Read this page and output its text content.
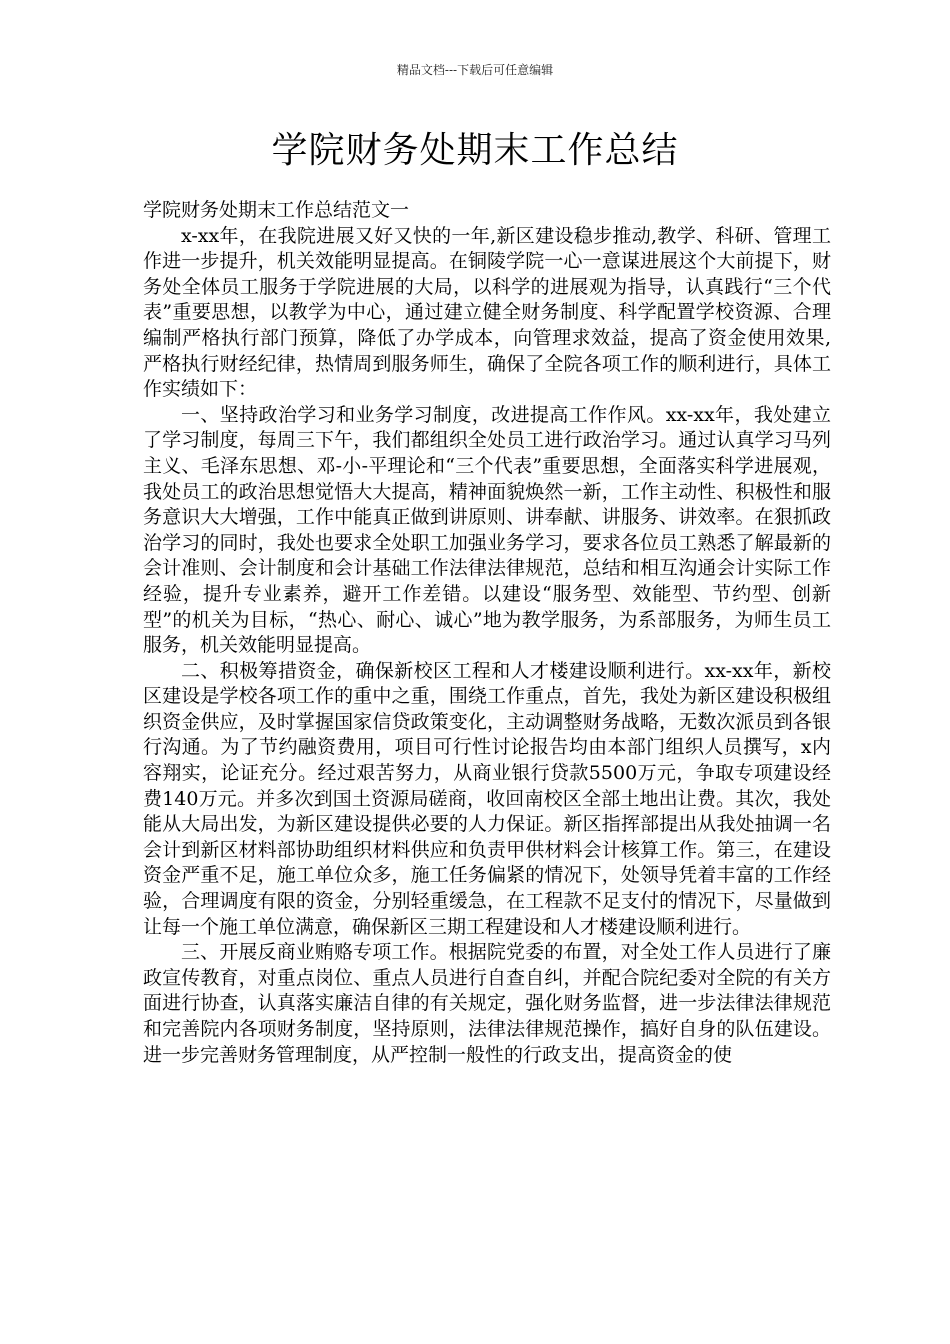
精品文档---下载后可任意编辑
学院财务处期末工作总结

学院财务处期末工作总结范文一

x-xx年，在我院进展又好又快的一年,新区建设稳步推动,教学、科研、管理工作进一步提升，机关效能明显提高。在铜陵学院一心一意谋进展这个大前提下，财务处全体员工服务于学院进展的大局，以科学的进展观为指导，认真践行“三个代表”重要思想，以教学为中心，通过建立健全财务制度、科学配置学校资源、合理编制严格执行部门预算，降低了办学成本，向管理求效益，提高了资金使用效果,严格执行财经纪律，热情周到服务师生，确保了全院各项工作的顺利进行，具体工作实绩如下：

一、坚持政治学习和业务学习制度，改进提高工作作风。xx-xx年，我处建立了学习制度，每周三下午，我们都组织全处员工进行政治学习。通过认真学习马列主义、毛泽东思想、邓-小-平理论和“三个代表”重要思想，全面落实科学进展观，我处员工的政治思想觉悟大大提高，精神面貌焕然一新，工作主动性、积极性和服务意识大大增强，工作中能真正做到讲原则、讲奉献、讲服务、讲效率。在狠抓政治学习的同时，我处也要求全处职工加强业务学习，要求各位员工熟悉了解最新的会计准则、会计制度和会计基础工作法律法律规范，总结和相互沟通会计实际工作经验，提升专业素养，避开工作差错。以建设“服务型、效能型、节约型、创新型”的机关为目标，“热心、耐心、诚心”地为教学服务，为系部服务，为师生员工服务，机关效能明显提高。

二、积极筹措资金，确保新校区工程和人才楼建设顺利进行。xx-xx年，新校区建设是学校各项工作的重中之重，围绕工作重点，首先，我处为新区建设积极组织资金供应，及时掌握国家信贷政策变化，主动调整财务战略，无数次派员到各银行沟通。为了节约融资费用，项目可行性讨论报告均由本部门组织人员撰写，x内容翔实，论证充分。经过艰苦努力，从商业银行贷款5500万元，争取专项建设经费140万元。并多次到国土资源局磋商，收回南校区全部土地出让费。其次，我处能从大局出发，为新区建设提供必要的人力保证。新区指挥部提出从我处抽调一名会计到新区材料部协助组织材料供应和负责甲供材料会计核算工作。第三，在建设资金严重不足，施工单位众多，施工任务偏紧的情况下，处领导凭着丰富的工作经验，合理调度有限的资金，分别轻重缓急，在工程款不足支付的情况下，尽量做到让每一个施工单位满意，确保新区三期工程建设和人才楼建设顺利进行。

三、开展反商业贿赂专项工作。根据院党委的布置，对全处工作人员进行了廉政宣传教育，对重点岗位、重点人员进行自查自纠，并配合院纪委对全院的有关方面进行协查，认真落实廉洁自律的有关规定，强化财务监督，进一步法律法律规范和完善院内各项财务制度，坚持原则，法律法律规范操作，搞好自身的队伍建设。进一步完善财务管理制度，从严控制一般性的行政支出，提高资金的使
